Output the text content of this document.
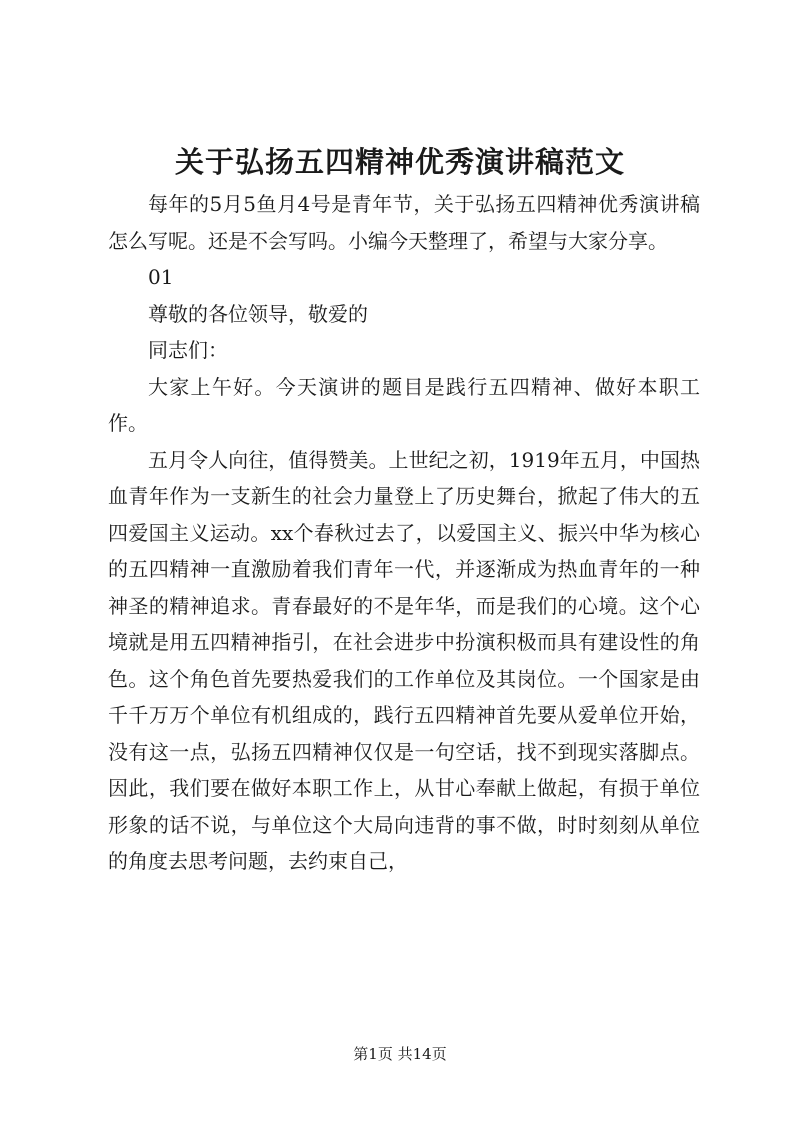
关于弘扬五四精神优秀演讲稿范文

每年的5月5鱼月4号是青年节，关于弘扬五四精神优秀演讲稿怎么写呢。还是不会写吗。小编今天整理了，希望与大家分享。

01

尊敬的各位领导，敬爱的

同志们：

大家上午好。今天演讲的题目是践行五四精神、做好本职工作。

五月令人向往，值得赞美。上世纪之初，1919年五月，中国热血青年作为一支新生的社会力量登上了历史舞台，掀起了伟大的五四爱国主义运动。xx个春秋过去了，以爱国主义、振兴中华为核心的五四精神一直激励着我们青年一代，并逐渐成为热血青年的一种神圣的精神追求。青春最好的不是年华，而是我们的心境。这个心境就是用五四精神指引，在社会进步中扮演积极而具有建设性的角色。这个角色首先要热爱我们的工作单位及其岗位。一个国家是由千千万万个单位有机组成的，践行五四精神首先要从爱单位开始，没有这一点，弘扬五四精神仅仅是一句空话，找不到现实落脚点。因此，我们要在做好本职工作上，从甘心奉献上做起，有损于单位形象的话不说，与单位这个大局向违背的事不做，时时刻刻从单位的角度去思考问题，去约束自己，

第1页 共14页
